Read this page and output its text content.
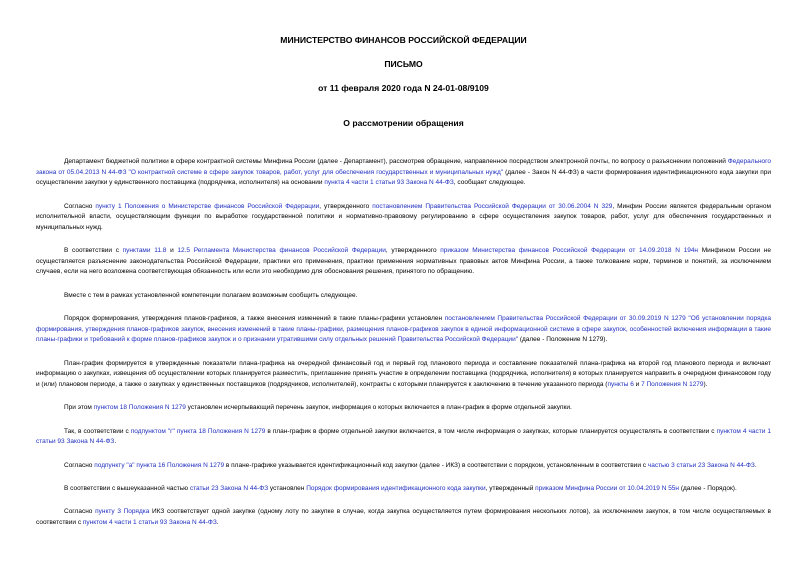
МИНИСТЕРСТВО ФИНАНСОВ РОССИЙСКОЙ ФЕДЕРАЦИИ
ПИСЬМО
от 11 февраля 2020 года N 24-01-08/9109
О рассмотрении обращения

Департамент бюджетной политики в сфере контрактной системы Минфина России (далее - Департамент), рассмотрев обращение, направленное посредством электронной почты, по вопросу о разъяснении положений Федерального закона от 05.04.2013 N 44-ФЗ "О контрактной системе в сфере закупок товаров, работ, услуг для обеспечения государственных и муниципальных нужд" (далее - Закон N 44-ФЗ) в части формирования идентификационного кода закупки при осуществлении закупки у единственного поставщика (подрядчика, исполнителя) на основании пункта 4 части 1 статьи 93 Закона N 44-ФЗ, сообщает следующее.

Согласно пункту 1 Положения о Министерстве финансов Российской Федерации, утвержденного постановлением Правительства Российской Федерации от 30.06.2004 N 329, Минфин России является федеральным органом исполнительной власти, осуществляющим функции по выработке государственной политики и нормативно-правовому регулированию в сфере осуществления закупок товаров, работ, услуг для обеспечения государственных и муниципальных нужд.

В соответствии с пунктами 11.8 и 12.5 Регламента Министерства финансов Российской Федерации, утвержденного приказом Министерства финансов Российской Федерации от 14.09.2018 N 194н Минфином России не осуществляется разъяснение законодательства Российской Федерации, практики его применения, практики применения нормативных правовых актов Минфина России, а также толкование норм, терминов и понятий, за исключением случаев, если на него возложена соответствующая обязанность или если это необходимо для обоснования решения, принятого по обращению.

Вместе с тем в рамках установленной компетенции полагаем возможным сообщить следующее.

Порядок формирования, утверждения планов-графиков, а также внесения изменений в такие планы-графики установлен постановлением Правительства Российской Федерации от 30.09.2019 N 1279 "Об установлении порядка формирования, утверждения планов-графиков закупок, внесения изменений в такие планы-графики, размещения планов-графиков закупок в единой информационной системе в сфере закупок, особенностей включения информации в такие планы-графики и требований к форме планов-графиков закупок и о признании утратившими силу отдельных решений Правительства Российской Федерации" (далее - Положение N 1279).

План-график формируется в утвержденные показатели плана-графика на очередной финансовый год и первый год планового периода и составление показателей плана-графика на второй год планового периода и включает информацию о закупках, извещения об осуществлении которых планируется разместить, приглашение принять участие в определении поставщика (подрядчика, исполнителя) в которых планируется направить в очередном финансовом году и (или) плановом периоде, а также о закупках у единственных поставщиков (подрядчиков, исполнителей), контракты с которыми планируется к заключению в течение указанного периода (пункты 6 и 7 Положения N 1279).

При этом пунктом 18 Положения N 1279 установлен исчерпывающий перечень закупок, информация о которых включается в план-график в форме отдельной закупки.

Так, в соответствии с подпунктом "г" пункта 18 Положения N 1279 в план-график в форме отдельной закупки включается, в том числе информация о закупках, которые планируется осуществлять в соответствии с пунктом 4 части 1 статьи 93 Закона N 44-ФЗ.

Согласно подпункту "а" пункта 16 Положения N 1279 в плане-графике указывается идентификационный код закупки (далее - ИКЗ) в соответствии с порядком, установленным в соответствии с частью 3 статьи 23 Закона N 44-ФЗ.

В соответствии с вышеуказанной частью статьи 23 Закона N 44-ФЗ установлен Порядок формирования идентификационного кода закупки, утвержденный приказом Минфина России от 10.04.2019 N 55н (далее - Порядок).

Согласно пункту 3 Порядка ИКЗ соответствует одной закупке (одному лоту по закупке в случае, когда закупка осуществляется путем формирования нескольких лотов), за исключением закупок, в том числе осуществляемых в соответствии с пунктом 4 части 1 статьи 93 Закона N 44-ФЗ.
